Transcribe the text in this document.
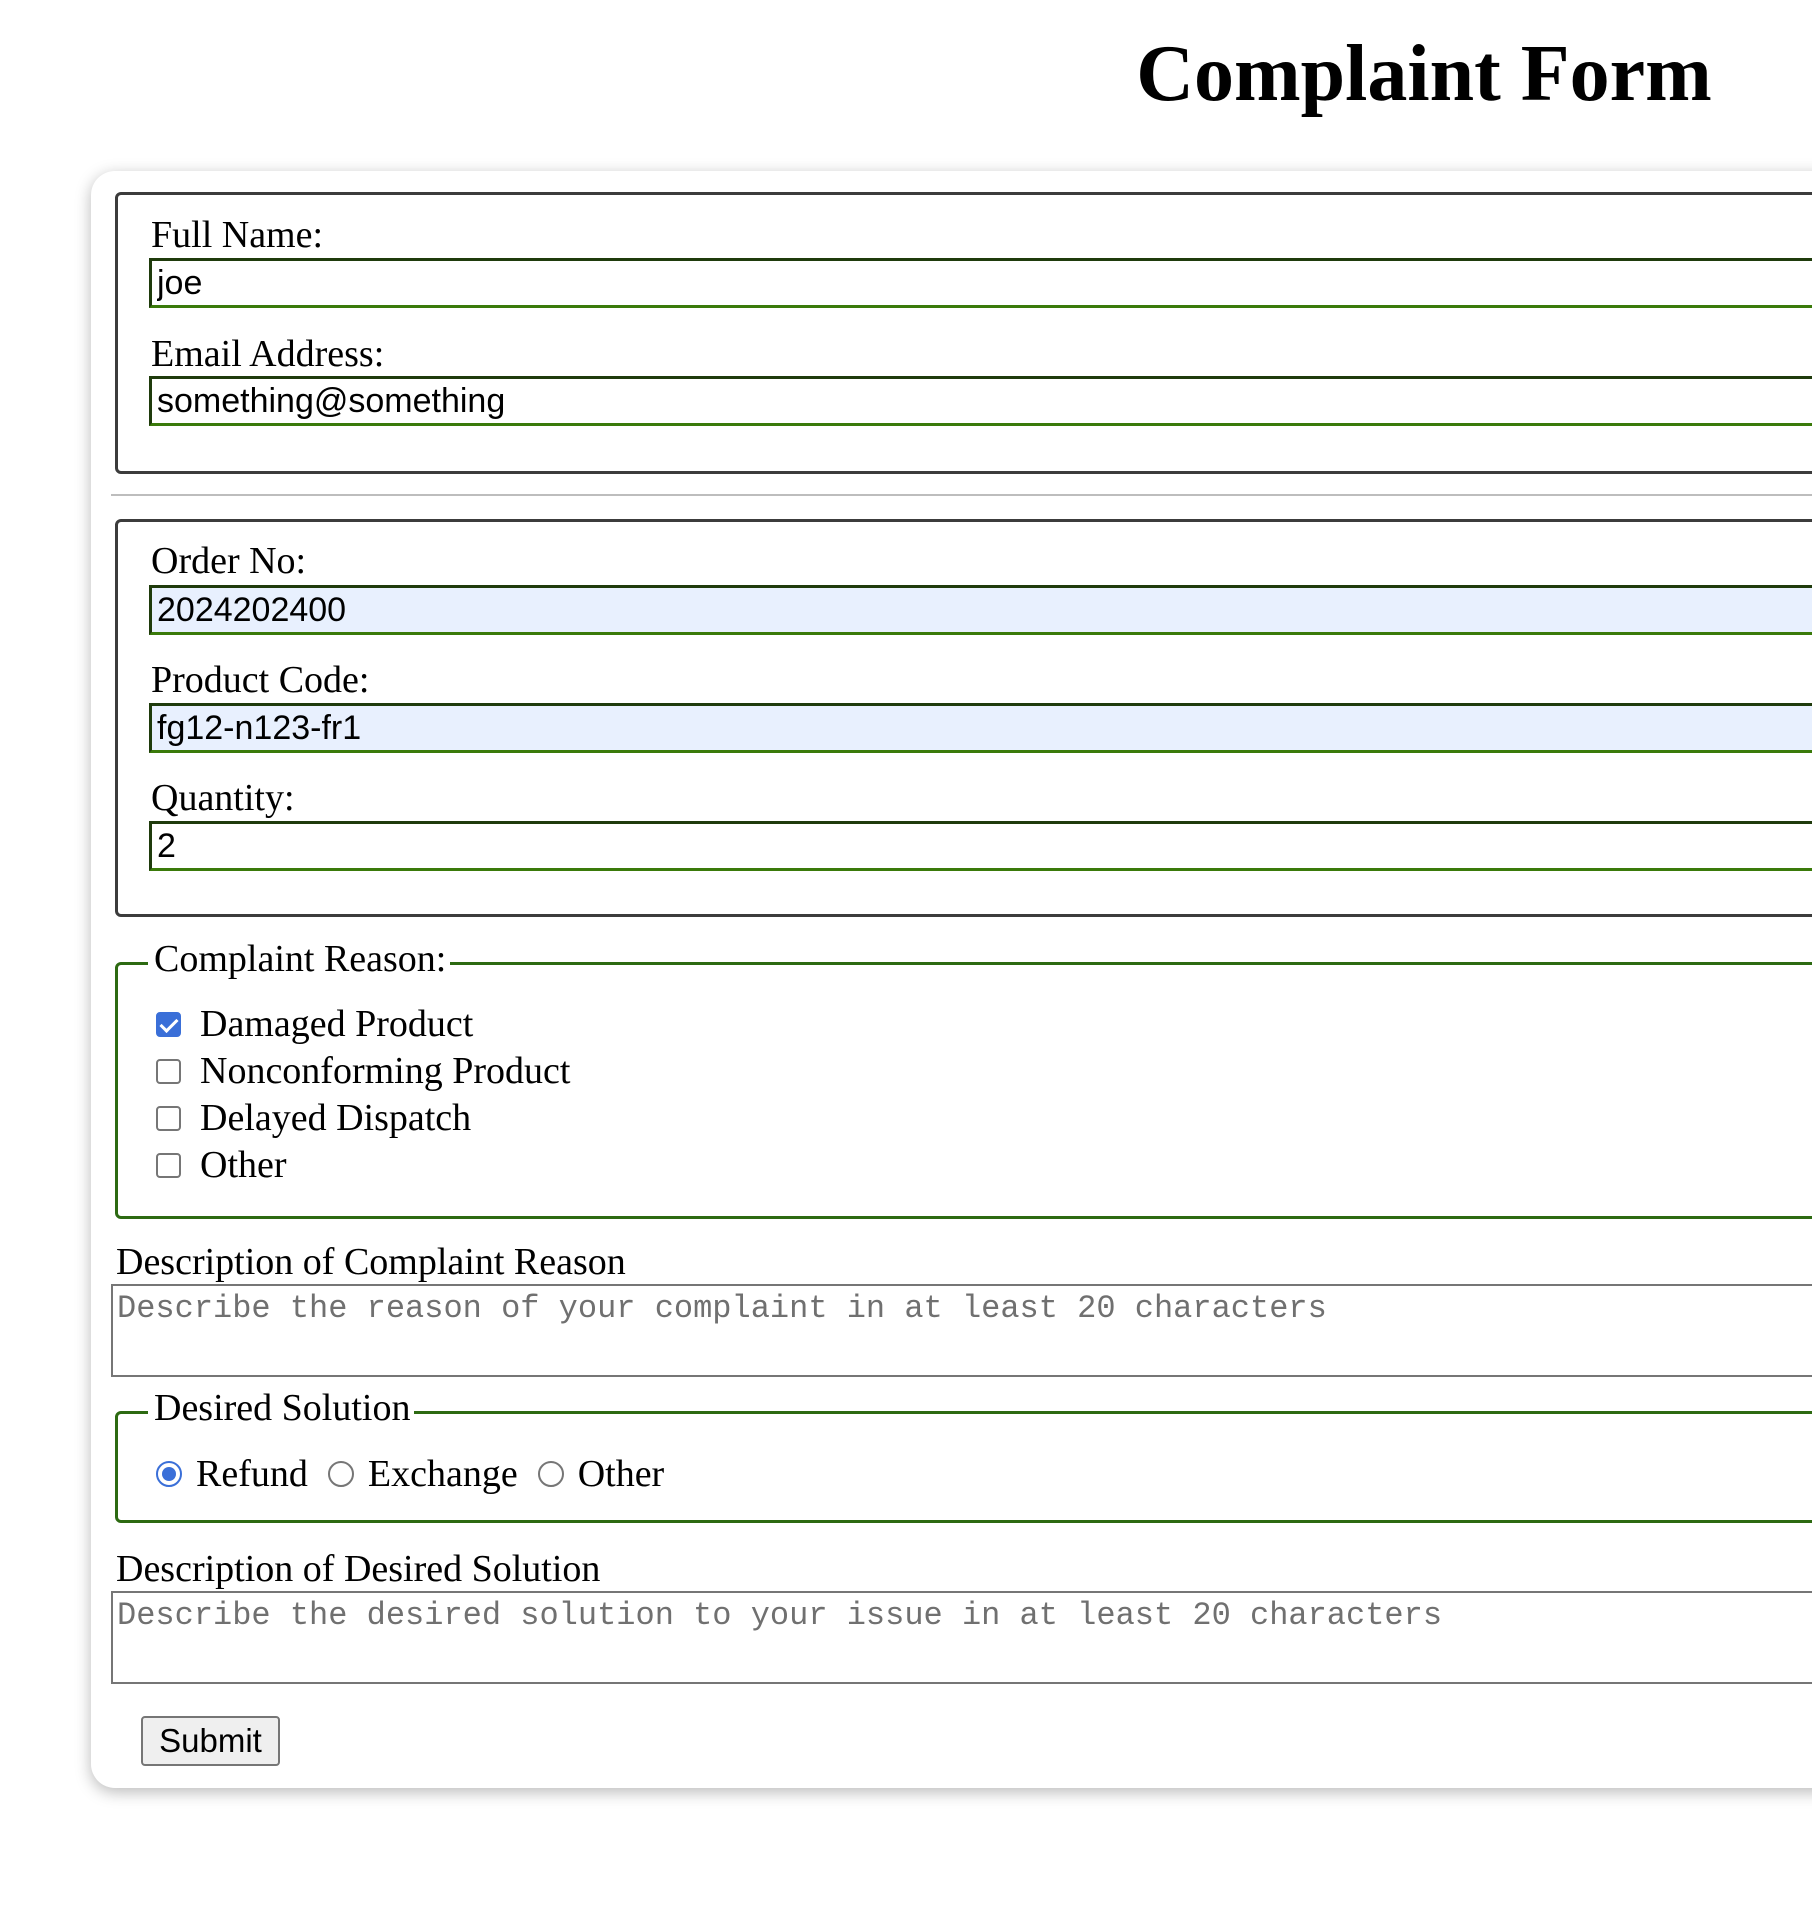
Complaint Form
Full Name:
joe
Email Address:
something@something
Order No:
2024202400
Product Code:
fg12-n123-fr1
Quantity:
2
Complaint Reason:
Damaged Product
Nonconforming Product
Delayed Dispatch
Other
Description of Complaint Reason
Describe the reason of your complaint in at least 20 characters
Desired Solution
Refund Exchange Other
Description of Desired Solution
Describe the desired solution to your issue in at least 20 characters
Submit
